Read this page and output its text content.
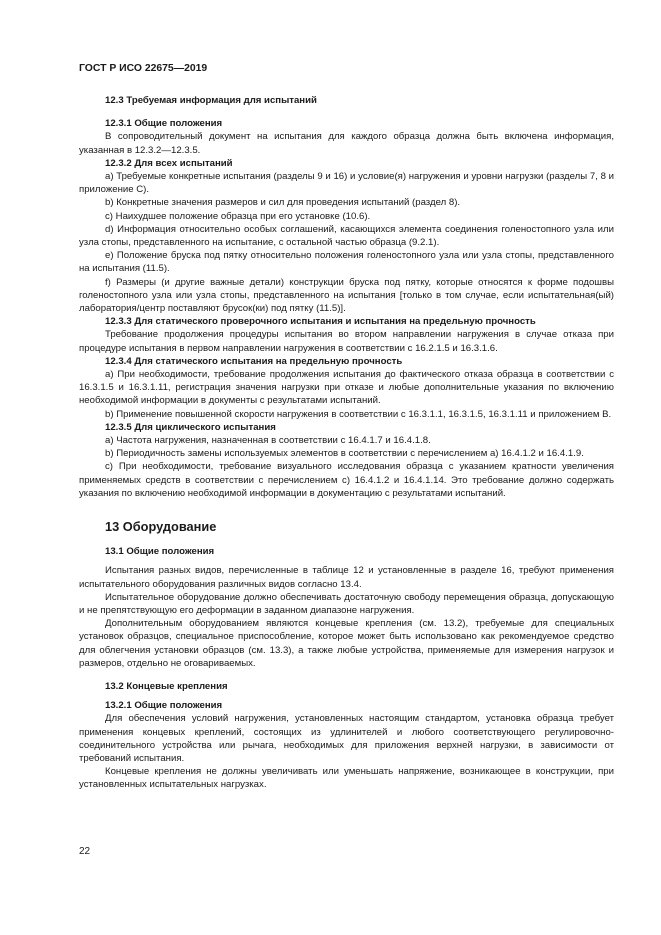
ГОСТ Р ИСО 22675—2019
12.3 Требуемая информация для испытаний
12.3.1 Общие положения
В сопроводительный документ на испытания для каждого образца должна быть включена информация, указанная в 12.3.2—12.3.5.
12.3.2 Для всех испытаний
а) Требуемые конкретные испытания (разделы 9 и 16) и условие(я) нагружения и уровни нагрузки (разделы 7, 8 и приложение С).
b) Конкретные значения размеров и сил для проведения испытаний (раздел 8).
c) Наихудшее положение образца при его установке (10.6).
d) Информация относительно особых соглашений, касающихся элемента соединения голеностопного узла или узла стопы, представленного на испытание, с остальной частью образца (9.2.1).
e) Положение бруска под пятку относительно положения голеностопного узла или узла стопы, представленного на испытания (11.5).
f) Размеры (и другие важные детали) конструкции бруска под пятку, которые относятся к форме подошвы голеностопного узла или узла стопы, представленного на испытания [только в том случае, если испытательная(ый) лаборатория/центр поставляют брусок(ки) под пятку (11.5)].
12.3.3 Для статического проверочного испытания и испытания на предельную прочность
Требование продолжения процедуры испытания во втором направлении нагружения в случае отказа при процедуре испытания в первом направлении нагружения в соответствии с 16.2.1.5 и 16.3.1.6.
12.3.4 Для статического испытания на предельную прочность
а) При необходимости, требование продолжения испытания до фактического отказа образца в соответствии с 16.3.1.5 и 16.3.1.11, регистрация значения нагрузки при отказе и любые дополнительные указания по включению необходимой информации в документы с результатами испытаний.
b) Применение повышенной скорости нагружения в соответствии с 16.3.1.1, 16.3.1.5, 16.3.1.11 и приложением В.
12.3.5 Для циклического испытания
а) Частота нагружения, назначенная в соответствии с 16.4.1.7 и 16.4.1.8.
b) Периодичность замены используемых элементов в соответствии с перечислением а) 16.4.1.2 и 16.4.1.9.
c) При необходимости, требование визуального исследования образца с указанием кратности увеличения применяемых средств в соответствии с перечислением с) 16.4.1.2 и 16.4.1.14. Это требование должно содержать указания по включению необходимой информации в документацию с результатами испытаний.
13 Оборудование
13.1 Общие положения
Испытания разных видов, перечисленные в таблице 12 и установленные в разделе 16, требуют применения испытательного оборудования различных видов согласно 13.4.
Испытательное оборудование должно обеспечивать достаточную свободу перемещения образца, допускающую и не препятствующую его деформации в заданном диапазоне нагружения.
Дополнительным оборудованием являются концевые крепления (см. 13.2), требуемые для специальных установок образцов, специальное приспособление, которое может быть использовано как рекомендуемое средство для облегчения установки образцов (см. 13.3), а также любые устройства, применяемые для измерения нагрузок и размеров, отдельно не оговариваемых.
13.2 Концевые крепления
13.2.1 Общие положения
Для обеспечения условий нагружения, установленных настоящим стандартом, установка образца требует применения концевых креплений, состоящих из удлинителей и любого соответствующего регулировочно-соединительного устройства или рычага, необходимых для приложения верхней нагрузки, в зависимости от требований испытания.
Концевые крепления не должны увеличивать или уменьшать напряжение, возникающее в конструкции, при установленных испытательных нагрузках.
22
